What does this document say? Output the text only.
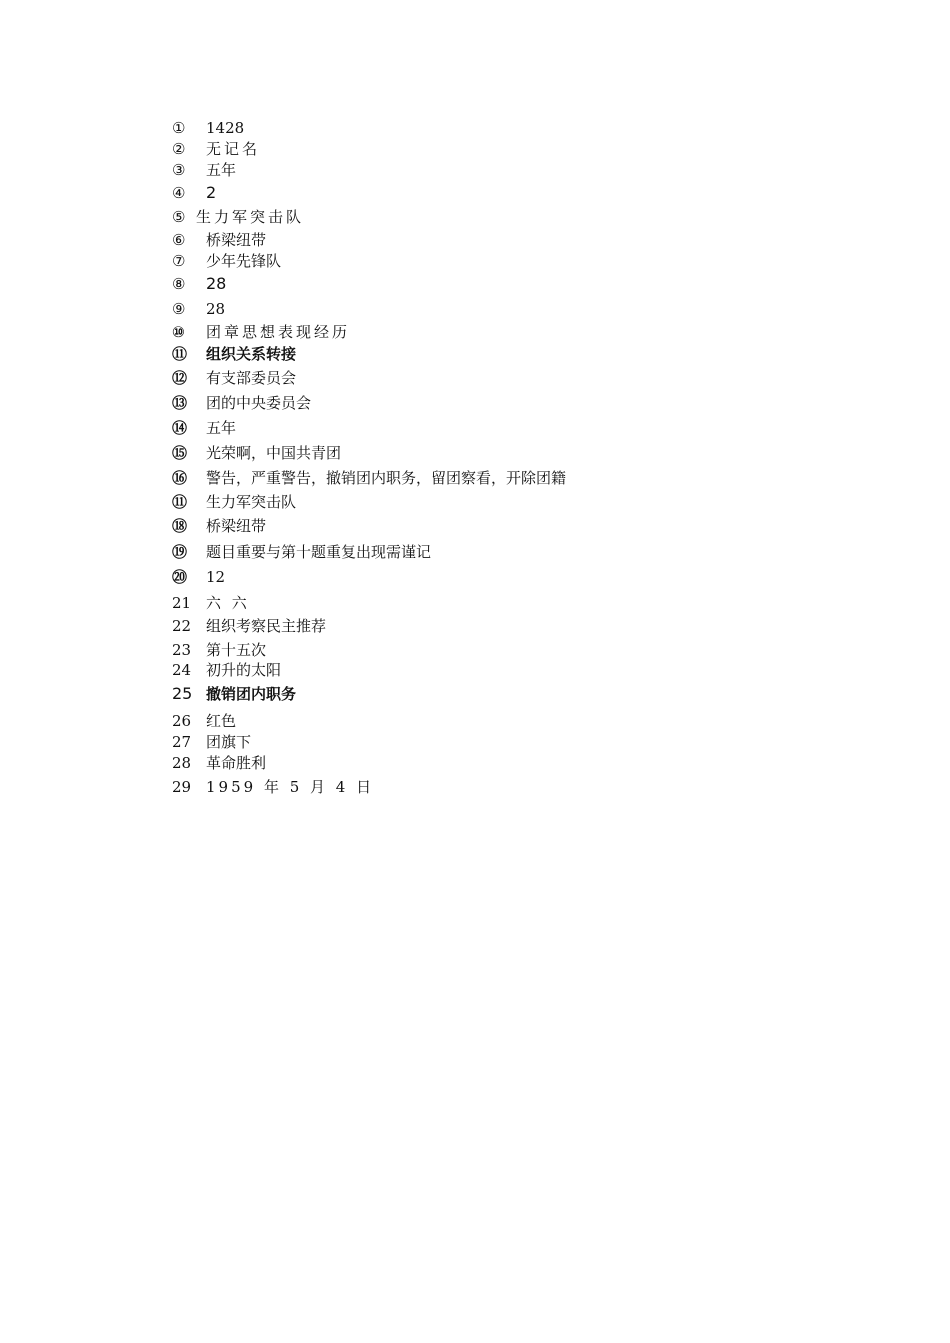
① 1428
② 无记名
③ 五年
④ 2
⑤ 生力军突击队
⑥ 桥梁纽带
⑦ 少年先锋队
⑧ 28
⑨ 28
⑩ 团章思想表现经历
⑪ 组织关系转接
⑫ 有支部委员会
⑬ 团的中央委员会
⑭ 五年
⑮ 光荣啊，中国共青团
⑯ 警告，严重警告，撤销团内职务，留团察看，开除团籍
⑪ 生力军突击队
⑱ 桥梁纽带
⑲ 题目重要与第十题重复出现需谨记
⑳ 12
21 六 六
22 组织考察民主推荐
23 第十五次
24 初升的太阳
25 撤销团内职务
26 红色
27 团旗下
28 革命胜利
29 1959 年 5 月 4 日
